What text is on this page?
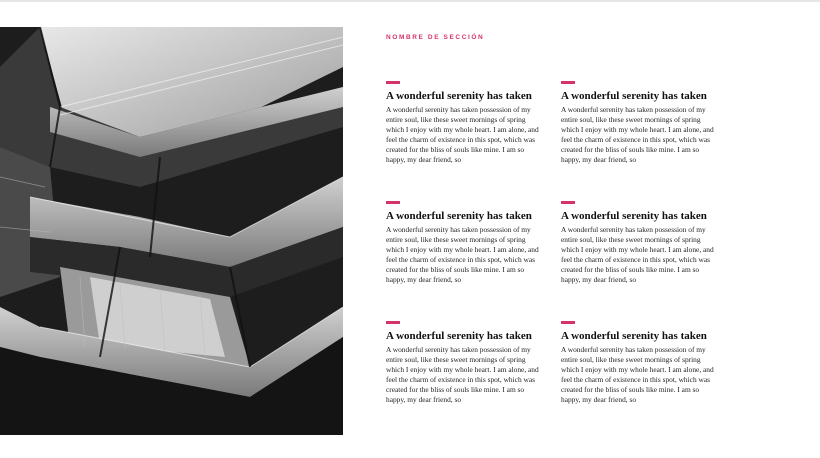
NOMBRE DE SECCIÓN
A wonderful serenity has taken

A wonderful serenity has taken possession of my entire soul, like these sweet mornings of spring which I enjoy with my whole heart. I am alone, and feel the charm of existence in this spot, which was created for the bliss of souls like mine. I am so happy, my dear friend, so

A wonderful serenity has taken

A wonderful serenity has taken possession of my entire soul, like these sweet mornings of spring which I enjoy with my whole heart. I am alone, and feel the charm of existence in this spot, which was created for the bliss of souls like mine. I am so happy, my dear friend, so

A wonderful serenity has taken

A wonderful serenity has taken possession of my entire soul, like these sweet mornings of spring which I enjoy with my whole heart. I am alone, and feel the charm of existence in this spot, which was created for the bliss of souls like mine. I am so happy, my dear friend, so

A wonderful serenity has taken

A wonderful serenity has taken possession of my entire soul, like these sweet mornings of spring which I enjoy with my whole heart. I am alone, and feel the charm of existence in this spot, which was created for the bliss of souls like mine. I am so happy, my dear friend, so

A wonderful serenity has taken

A wonderful serenity has taken possession of my entire soul, like these sweet mornings of spring which I enjoy with my whole heart. I am alone, and feel the charm of existence in this spot, which was created for the bliss of souls like mine. I am so happy, my dear friend, so

A wonderful serenity has taken

A wonderful serenity has taken possession of my entire soul, like these sweet mornings of spring which I enjoy with my whole heart. I am alone, and feel the charm of existence in this spot, which was created for the bliss of souls like mine. I am so happy, my dear friend, so
